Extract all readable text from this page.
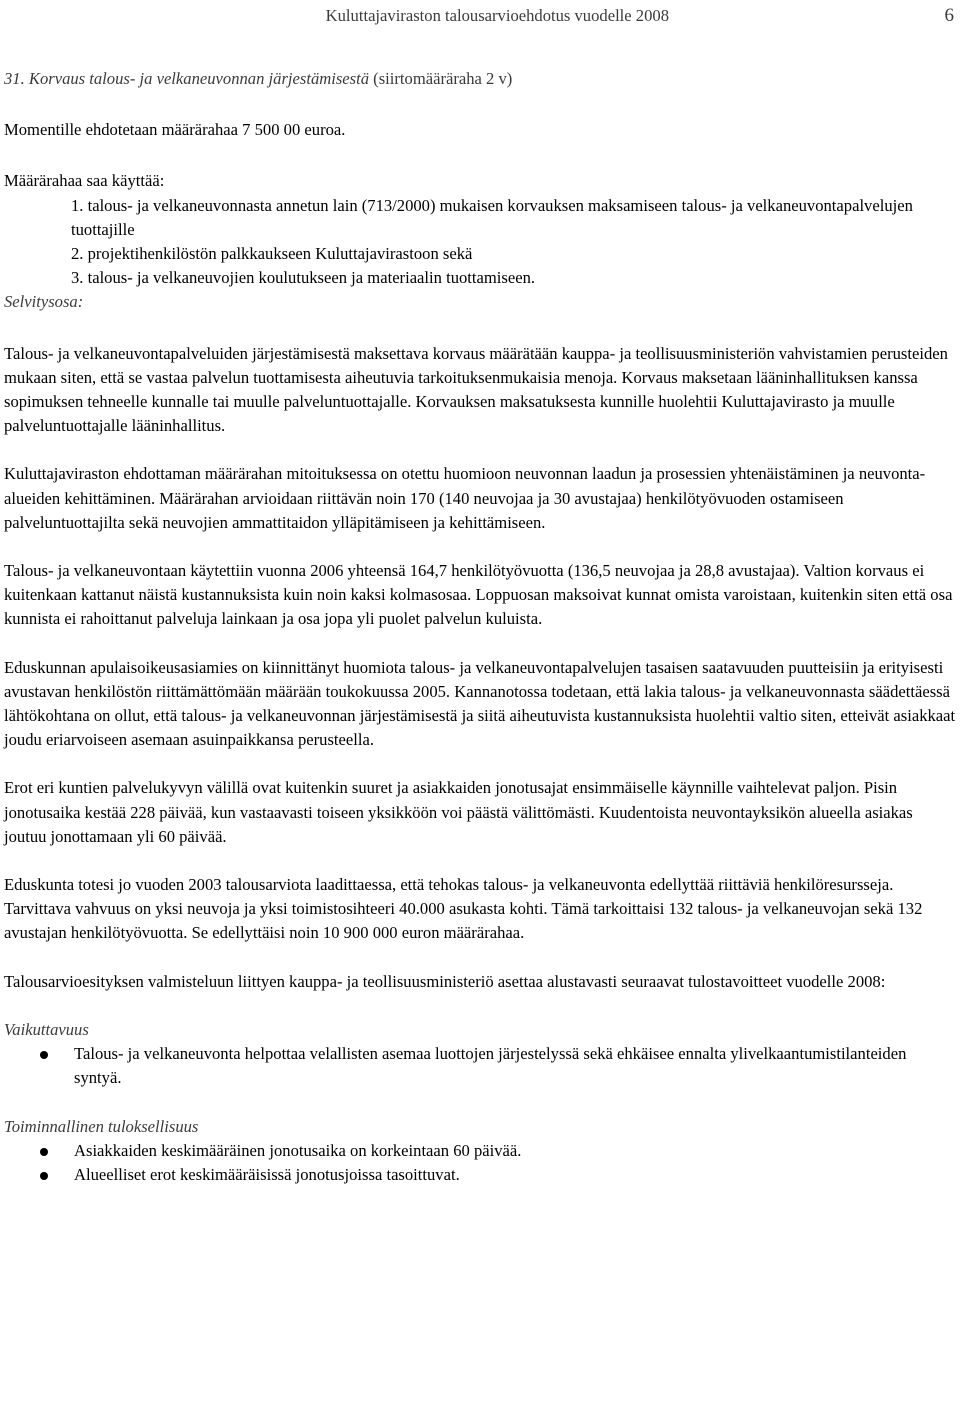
Kuluttajaviraston talousarvioehdotus vuodelle 2008	6

31. Korvaus talous- ja velkaneuvonnan järjestämisestä (siirtomääräraha 2 v)

Momentille ehdotetaan määrärahaa 7 500 00 euroa.

Määrärahaa saa käyttää:

1. talous- ja velkaneuvonnasta annetun lain (713/2000) mukaisen korvauksen maksamiseen talous- ja velkaneuvontapalvelujen tuottajille
2. projektihenkilöstön palkkaukseen Kuluttajavirastoon sekä
3. talous- ja velkaneuvojien koulutukseen ja materiaalin tuottamiseen.

Selvitysosa:

Talous- ja velkaneuvontapalveluiden järjestämisestä maksettava korvaus määrätään kauppa- ja teollisuusministeriön vahvistamien perusteiden mukaan siten, että se vastaa palvelun tuottamisesta aiheutuvia tarkoituksenmukaisia menoja. Korvaus maksetaan lääninhallituksen kanssa sopimuksen tehneelle kunnalle tai muulle palveluntuottajalle. Korvauksen maksatuksesta kunnille huolehtii Kuluttajavirasto ja muulle palveluntuottajalle lääninhallitus.

Kuluttajaviraston ehdottaman määrärahan mitoituksessa on otettu huomioon neuvonnan laadun ja prosessien yhtenäistäminen ja neuvonta-alueiden kehittäminen. Määrärahan arvioidaan riittävän noin 170 (140 neuvojaa ja 30 avustajaa) henkilötyövuoden ostamiseen palveluntuottajilta sekä neuvojien ammattitaidon ylläpitämiseen ja kehittämiseen.

Talous- ja velkaneuvontaan käytettiin vuonna 2006 yhteensä 164,7 henkilötyövuotta (136,5 neuvojaa ja 28,8 avustajaa). Valtion korvaus ei kuitenkaan kattanut näistä kustannuksista kuin noin kaksi kolmasosaa. Loppuosan maksoivat kunnat omista varoistaan, kuitenkin siten että osa kunnista ei rahoittanut palveluja lainkaan ja osa jopa yli puolet palvelun kuluista.

Eduskunnan apulaisoikeusasiamies on kiinnittänyt huomiota talous- ja velkaneuvontapalvelujen tasaisen saatavuuden puutteisiin ja erityisesti avustavan henkilöstön riittämättömään määrään toukokuussa 2005. Kannanotossa todetaan, että lakia talous- ja velkaneuvonnasta säädettäessä lähtökohtana on ollut, että talous- ja velkaneuvonnan järjestämisestä ja siitä aiheutuvista kustannuksista huolehtii valtio siten, etteivät asiakkaat joudu eriarvoiseen asemaan asuinpaikkansa perusteella.

Erot eri kuntien palvelukyvyn välillä ovat kuitenkin suuret ja asiakkaiden jonotusajat ensimmäiselle käynnille vaihtelevat paljon. Pisin jonotusaika kestää 228 päivää, kun vastaavasti toiseen yksikköön voi päästä välittömästi. Kuudentoista neuvontayksikön alueella asiakas joutuu jonottamaan yli 60 päivää.

Eduskunta totesi jo vuoden 2003 talousarviota laadittaessa, että tehokas talous- ja velkaneuvonta edellyttää riittäviä henkilöresursseja. Tarvittava vahvuus on yksi neuvoja ja yksi toimistosihteeri 40.000 asukasta kohti. Tämä tarkoittaisi 132 talous- ja velkaneuvojan sekä 132 avustajan henkilötyövuotta. Se edellyttäisi noin 10 900 000 euron määrärahaa.

Talousarvioesityksen valmisteluun liittyen kauppa- ja teollisuusministeriö asettaa alustavasti seuraavat tulostavoitteet vuodelle 2008:

Vaikuttavuus

Talous- ja velkaneuvonta helpottaa velallisten asemaa luottojen järjestelyssä sekä ehkäisee ennalta ylivelkaantumistilanteiden syntyä.

Toiminnallinen tuloksellisuus

Asiakkaiden keskimääräinen jonotusaika on korkeintaan 60 päivää.
Alueelliset erot keskimääräisissä jonotusjoissa tasoittuvat.
